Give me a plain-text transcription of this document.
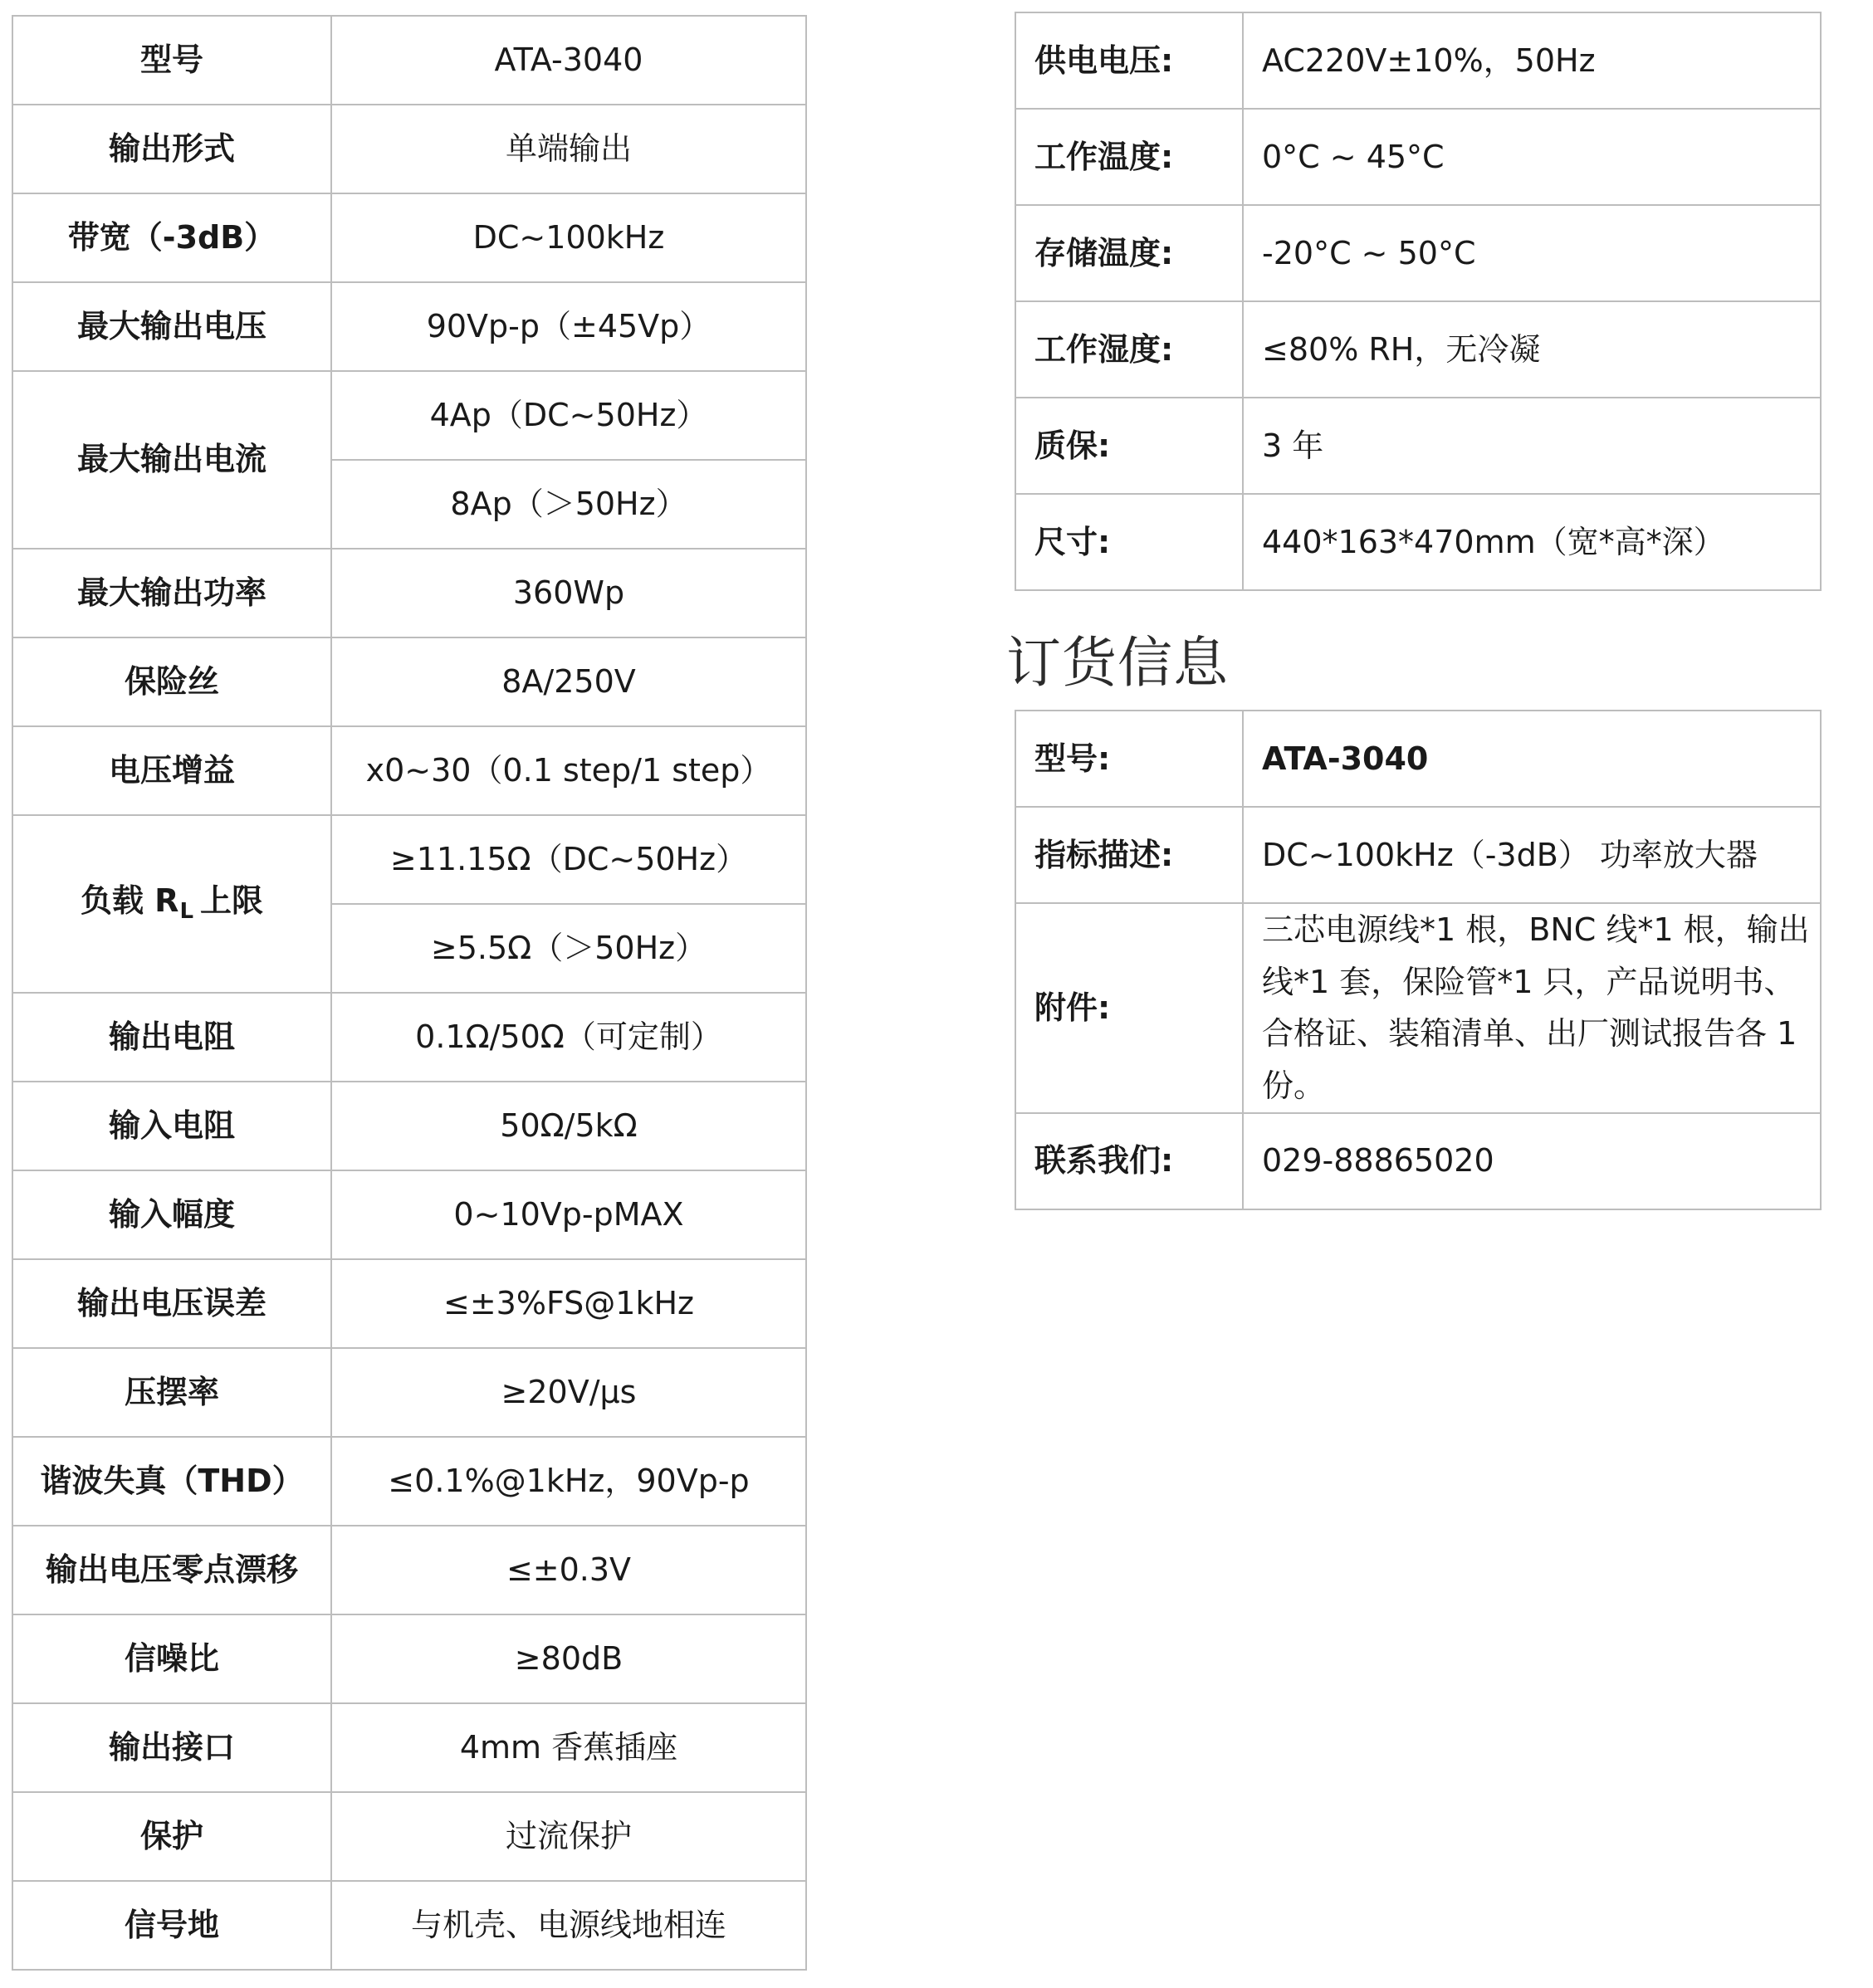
型号	ATA-3040
输出形式	单端输出
带宽（-3dB）	DC~100kHz
最大输出电压	90Vp-p（±45Vp）
最大输出电流	4Ap（DC~50Hz）
	8Ap（＞50Hz）
最大输出功率	360Wp
保险丝	8A/250V
电压增益	x0~30（0.1 step/1 step）
负载 $R_L$ 上限	≥11.15Ω（DC~50Hz）
	≥5.5Ω（＞50Hz）
输出电阻	0.1Ω/50Ω（可定制）
输入电阻	50Ω/5kΩ
输入幅度	0~10Vp-pMAX
输出电压误差	≤±3%FS@1kHz
压摆率	≥20V/μs
谐波失真（THD）	≤0.1%@1kHz，90Vp-p
输出电压零点漂移	≤±0.3V
信噪比	≥80dB
输出接口	4mm 香蕉插座
保护	过流保护
信号地	与机壳、电源线地相连
供电电压:	AC220V±10%，50Hz
工作温度:	0°C ~ 45°C
存储温度:	-20°C ~ 50°C
工作湿度:	≤80% RH，无冷凝
质保:	3 年
尺寸:	440*163*470mm（宽*高*深）
订货信息
型号:	ATA-3040
指标描述:	DC~100kHz（-3dB） 功率放大器
附件:	三芯电源线*1 根，BNC 线*1 根，输出线*1 套，保险管*1 只，产品说明书、合格证、装箱清单、出厂测试报告各 1 份。
联系我们:	029-88865020
